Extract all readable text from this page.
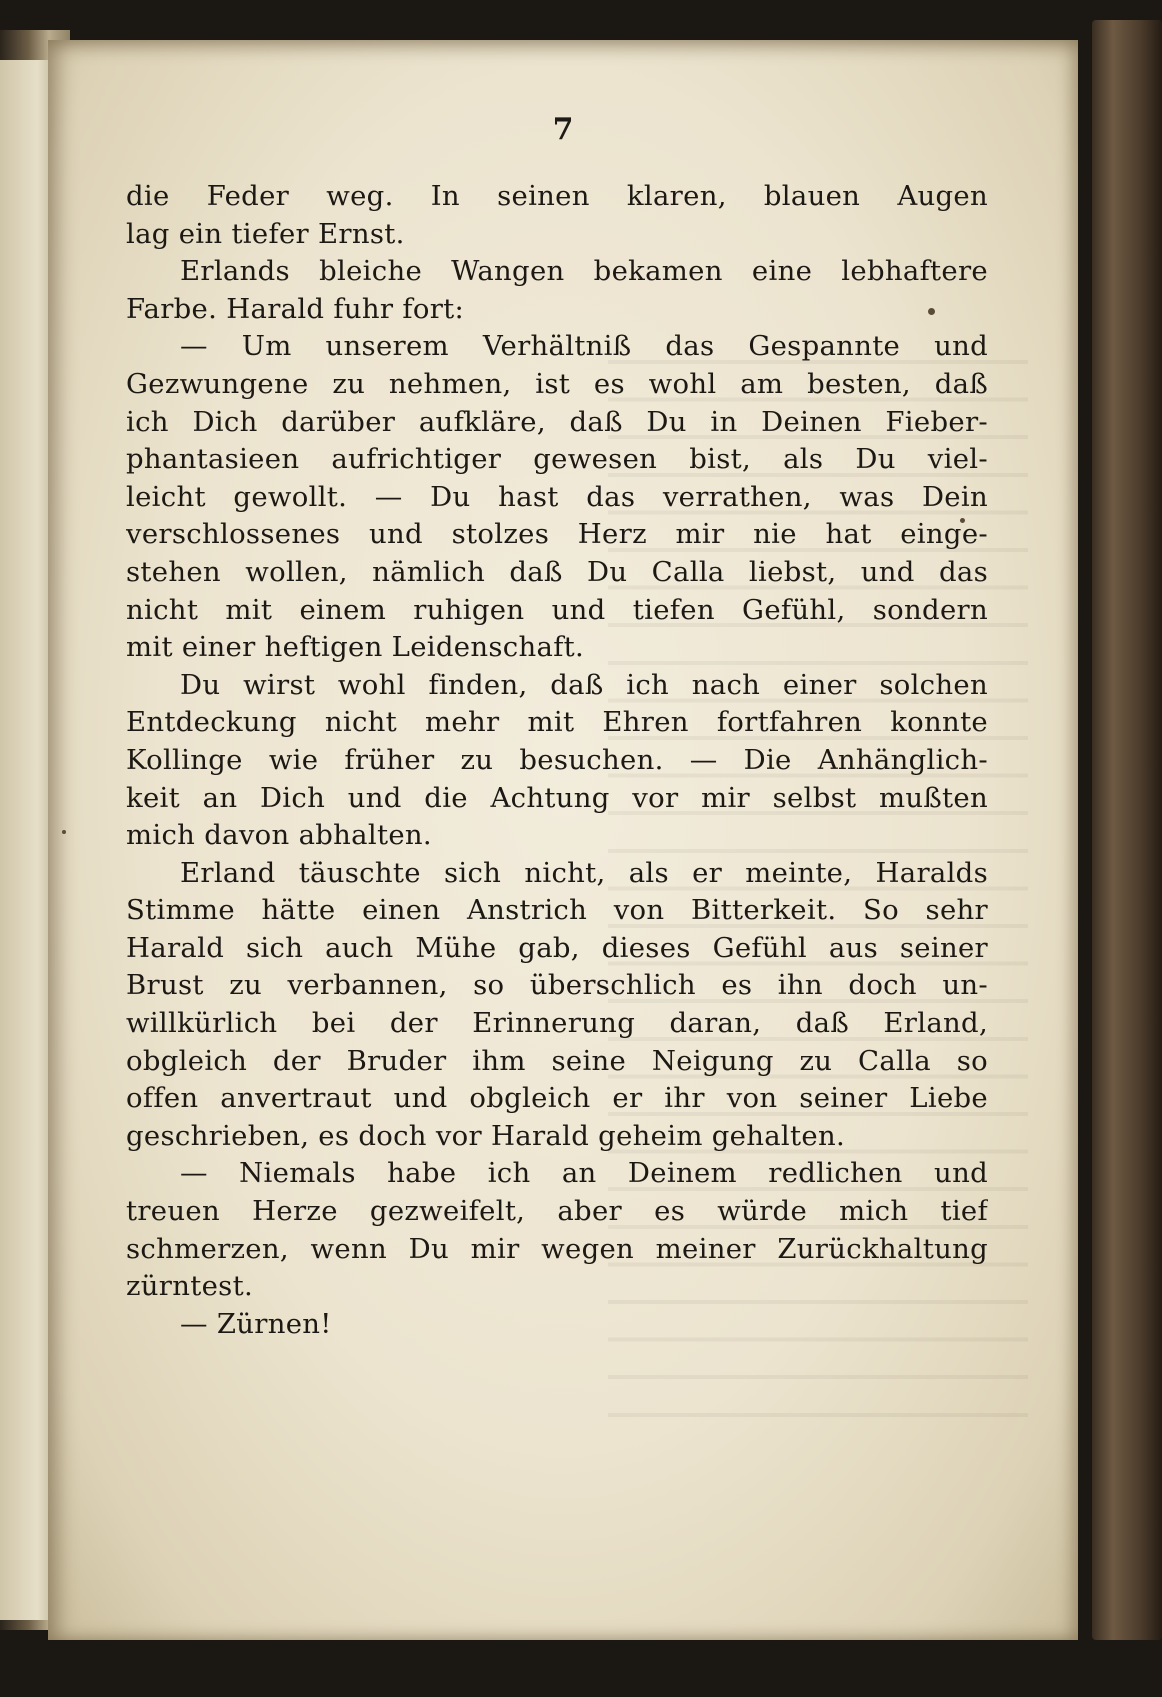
7
die Feder weg. In seinen klaren, blauen Augen
lag ein tiefer Ernst.
Erlands bleiche Wangen bekamen eine lebhaftere
Farbe. Harald fuhr fort:
— Um unserem Verhältniß das Gespannte und
Gezwungene zu nehmen, ist es wohl am besten, daß
ich Dich darüber aufkläre, daß Du in Deinen Fieber-
phantasieen aufrichtiger gewesen bist, als Du viel-
leicht gewollt. — Du hast das verrathen, was Dein
verschlossenes und stolzes Herz mir nie hat einge-
stehen wollen, nämlich daß Du Calla liebst, und das
nicht mit einem ruhigen und tiefen Gefühl, sondern
mit einer heftigen Leidenschaft.
Du wirst wohl finden, daß ich nach einer solchen
Entdeckung nicht mehr mit Ehren fortfahren konnte
Kollinge wie früher zu besuchen. — Die Anhänglich-
keit an Dich und die Achtung vor mir selbst mußten
mich davon abhalten.
Erland täuschte sich nicht, als er meinte, Haralds
Stimme hätte einen Anstrich von Bitterkeit. So sehr
Harald sich auch Mühe gab, dieses Gefühl aus seiner
Brust zu verbannen, so überschlich es ihn doch un-
willkürlich bei der Erinnerung daran, daß Erland,
obgleich der Bruder ihm seine Neigung zu Calla so
offen anvertraut und obgleich er ihr von seiner Liebe
geschrieben, es doch vor Harald geheim gehalten.
— Niemals habe ich an Deinem redlichen und
treuen Herze gezweifelt, aber es würde mich tief
schmerzen, wenn Du mir wegen meiner Zurückhaltung
zürntest.
— Zürnen!
